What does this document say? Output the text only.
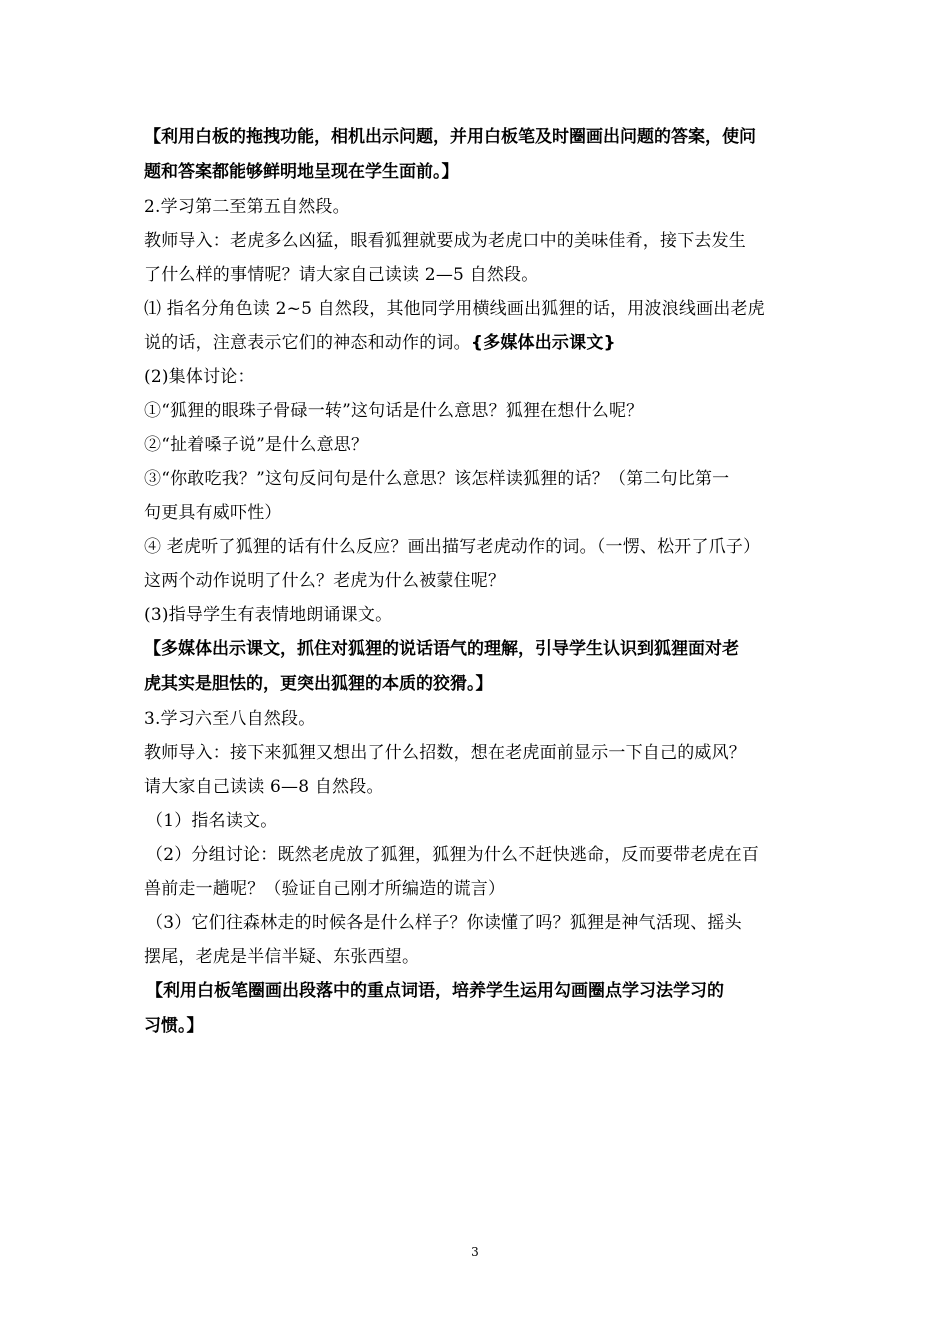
【利用白板的拖拽功能，相机出示问题，并用白板笔及时圈画出问题的答案，使问
题和答案都能够鲜明地呈现在学生面前。】
2.学习第二至第五自然段。
教师导入：老虎多么凶猛，眼看狐狸就要成为老虎口中的美味佳肴，接下去发生
了什么样的事情呢？请大家自己读读 2—5 自然段。
⑴ 指名分角色读 2~5 自然段，其他同学用横线画出狐狸的话，用波浪线画出老虎
说的话，注意表示它们的神态和动作的词。{多媒体出示课文}
(2)集体讨论：
①“狐狸的眼珠子骨碌一转”这句话是什么意思？狐狸在想什么呢？
②“扯着嗓子说”是什么意思？
③“你敢吃我？”这句反问句是什么意思？该怎样读狐狸的话？（第二句比第一
句更具有威吓性）
④ 老虎听了狐狸的话有什么反应？画出描写老虎动作的词。（一愣、松开了爪子）
这两个动作说明了什么？老虎为什么被蒙住呢？
(3)指导学生有表情地朗诵课文。
【多媒体出示课文，抓住对狐狸的说话语气的理解，引导学生认识到狐狸面对老
虎其实是胆怯的，更突出狐狸的本质的狡猾。】
3.学习六至八自然段。
教师导入：接下来狐狸又想出了什么招数，想在老虎面前显示一下自己的威风？
请大家自己读读 6—8 自然段。
（1）指名读文。
（2）分组讨论：既然老虎放了狐狸，狐狸为什么不赶快逃命，反而要带老虎在百
兽前走一趟呢？（验证自己刚才所编造的谎言）
（3）它们往森林走的时候各是什么样子？你读懂了吗？狐狸是神气活现、摇头
摆尾，老虎是半信半疑、东张西望。
【利用白板笔圈画出段落中的重点词语，培养学生运用勾画圈点学习法学习的
习惯。】
3
